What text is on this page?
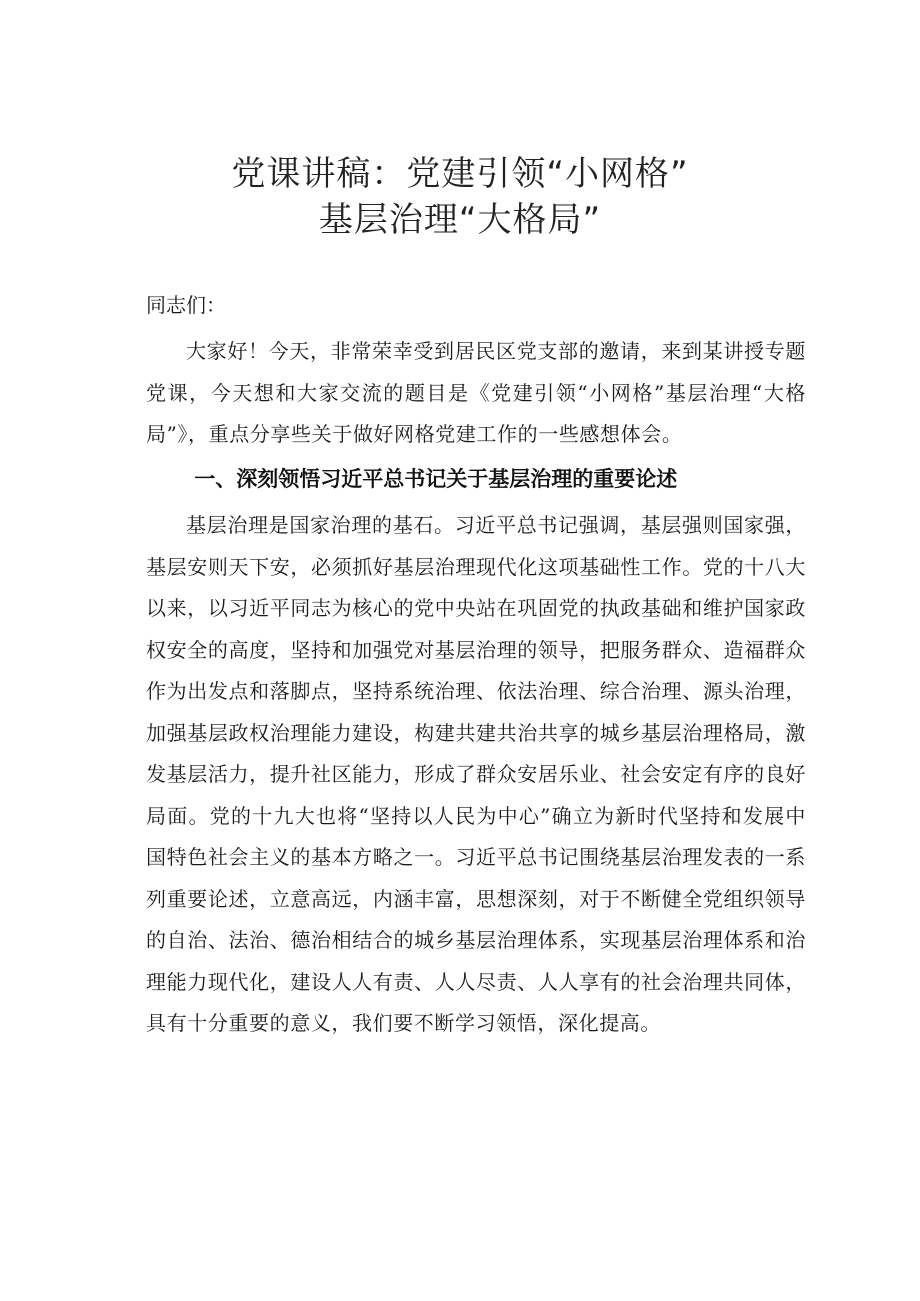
党课讲稿：党建引领“小网格”
基层治理“大格局”

同志们：

大家好！今天，非常荣幸受到居民区党支部的邀请，来到某讲授专题党课，今天想和大家交流的题目是《党建引领“小网格”基层治理“大格局”》，重点分享些关于做好网格党建工作的一些感想体会。

一、深刻领悟习近平总书记关于基层治理的重要论述

基层治理是国家治理的基石。习近平总书记强调，基层强则国家强，基层安则天下安，必须抓好基层治理现代化这项基础性工作。党的十八大以来，以习近平同志为核心的党中央站在巩固党的执政基础和维护国家政权安全的高度，坚持和加强党对基层治理的领导，把服务群众、造福群众作为出发点和落脚点，坚持系统治理、依法治理、综合治理、源头治理，加强基层政权治理能力建设，构建共建共治共享的城乡基层治理格局，激发基层活力，提升社区能力，形成了群众安居乐业、社会安定有序的良好局面。党的十九大也将“坚持以人民为中心”确立为新时代坚持和发展中国特色社会主义的基本方略之一。习近平总书记围绕基层治理发表的一系列重要论述，立意高远，内涵丰富，思想深刻，对于不断健全党组织领导的自治、法治、德治相结合的城乡基层治理体系，实现基层治理体系和治理能力现代化，建设人人有责、人人尽责、人人享有的社会治理共同体，具有十分重要的意义，我们要不断学习领悟，深化提高。
